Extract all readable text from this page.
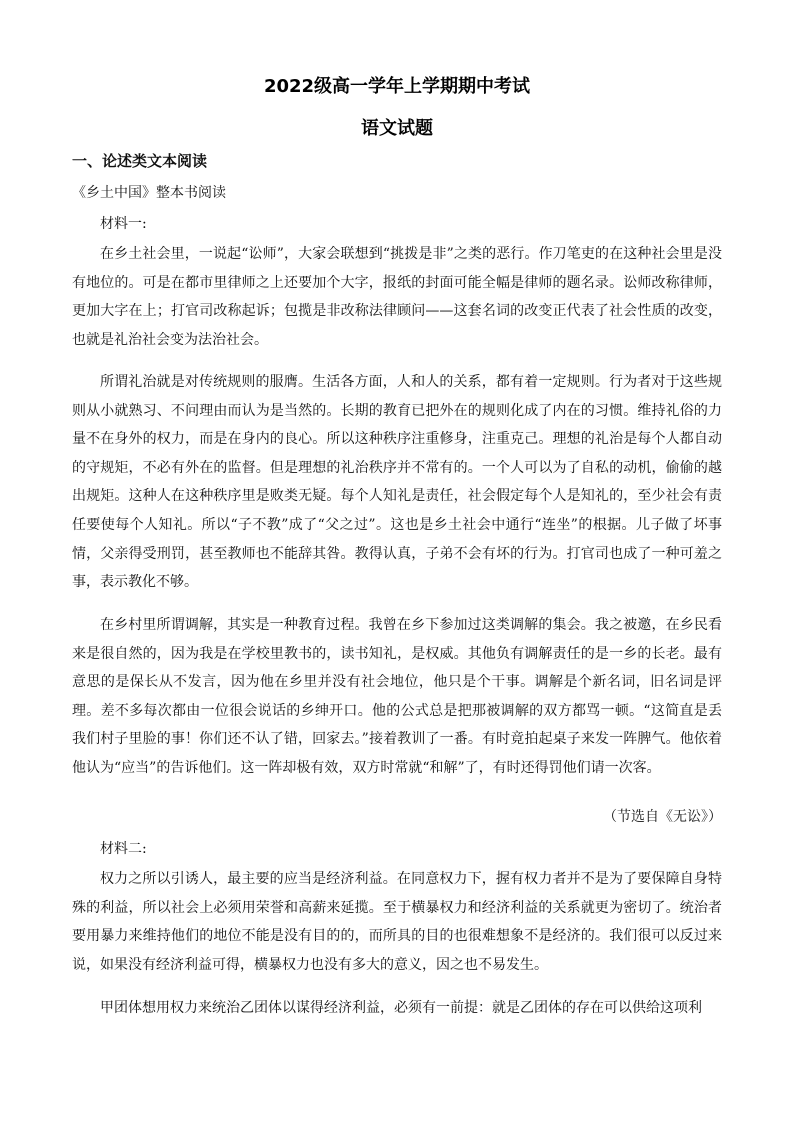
2022级高一学年上学期期中考试
语文试题
一、论述类文本阅读
《乡土中国》整本书阅读
材料一:

在乡土社会里，一说起“讼师”，大家会联想到“挑拨是非”之类的恶行。作刀笔吏的在这种社会里是没有地位的。可是在都市里律师之上还要加个大字，报纸的封面可能全幅是律师的题名录。讼师改称律师，更加大字在上；打官司改称起诉；包揽是非改称法律顾问——这套名词的改变正代表了社会性质的改变，也就是礼治社会变为法治社会。

所谓礼治就是对传统规则的服膺。生活各方面，人和人的关系，都有着一定规则。行为者对于这些规则从小就熟习、不问理由而认为是当然的。长期的教育已把外在的规则化成了内在的习惯。维持礼俗的力量不在身外的权力，而是在身内的良心。所以这种秩序注重修身，注重克己。理想的礼治是每个人都自动的守规矩，不必有外在的监督。但是理想的礼治秩序并不常有的。一个人可以为了自私的动机，偷偷的越出规矩。这种人在这种秩序里是败类无疑。每个人知礼是责任，社会假定每个人是知礼的，至少社会有责任要使每个人知礼。所以“子不教”成了“父之过”。这也是乡土社会中通行“连坐”的根据。儿子做了坏事情，父亲得受刑罚，甚至教师也不能辞其咎。教得认真，子弟不会有坏的行为。打官司也成了一种可羞之事，表示教化不够。

在乡村里所谓调解，其实是一种教育过程。我曾在乡下参加过这类调解的集会。我之被邀，在乡民看来是很自然的，因为我是在学校里教书的，读书知礼，是权威。其他负有调解责任的是一乡的长老。最有意思的是保长从不发言，因为他在乡里并没有社会地位，他只是个干事。调解是个新名词，旧名词是评理。差不多每次都由一位很会说话的乡绅开口。他的公式总是把那被调解的双方都骂一顿。“这简直是丢我们村子里脸的事！你们还不认了错，回家去。”接着教训了一番。有时竟拍起桌子来发一阵脾气。他依着他认为“应当”的告诉他们。这一阵却极有效，双方时常就“和解”了，有时还得罚他们请一次客。

（节选自《无讼》）
材料二:

权力之所以引诱人，最主要的应当是经济利益。在同意权力下，握有权力者并不是为了要保障自身特殊的利益，所以社会上必须用荣誉和高薪来延揽。至于横暴权力和经济利益的关系就更为密切了。统治者要用暴力来维持他们的地位不能是没有目的的，而所具的目的也很难想象不是经济的。我们很可以反过来说，如果没有经济利益可得，横暴权力也没有多大的意义，因之也不易发生。

甲团体想用权力来统治乙团体以谋得经济利益，必须有一前提：就是乙团体的存在可以供给这项利
